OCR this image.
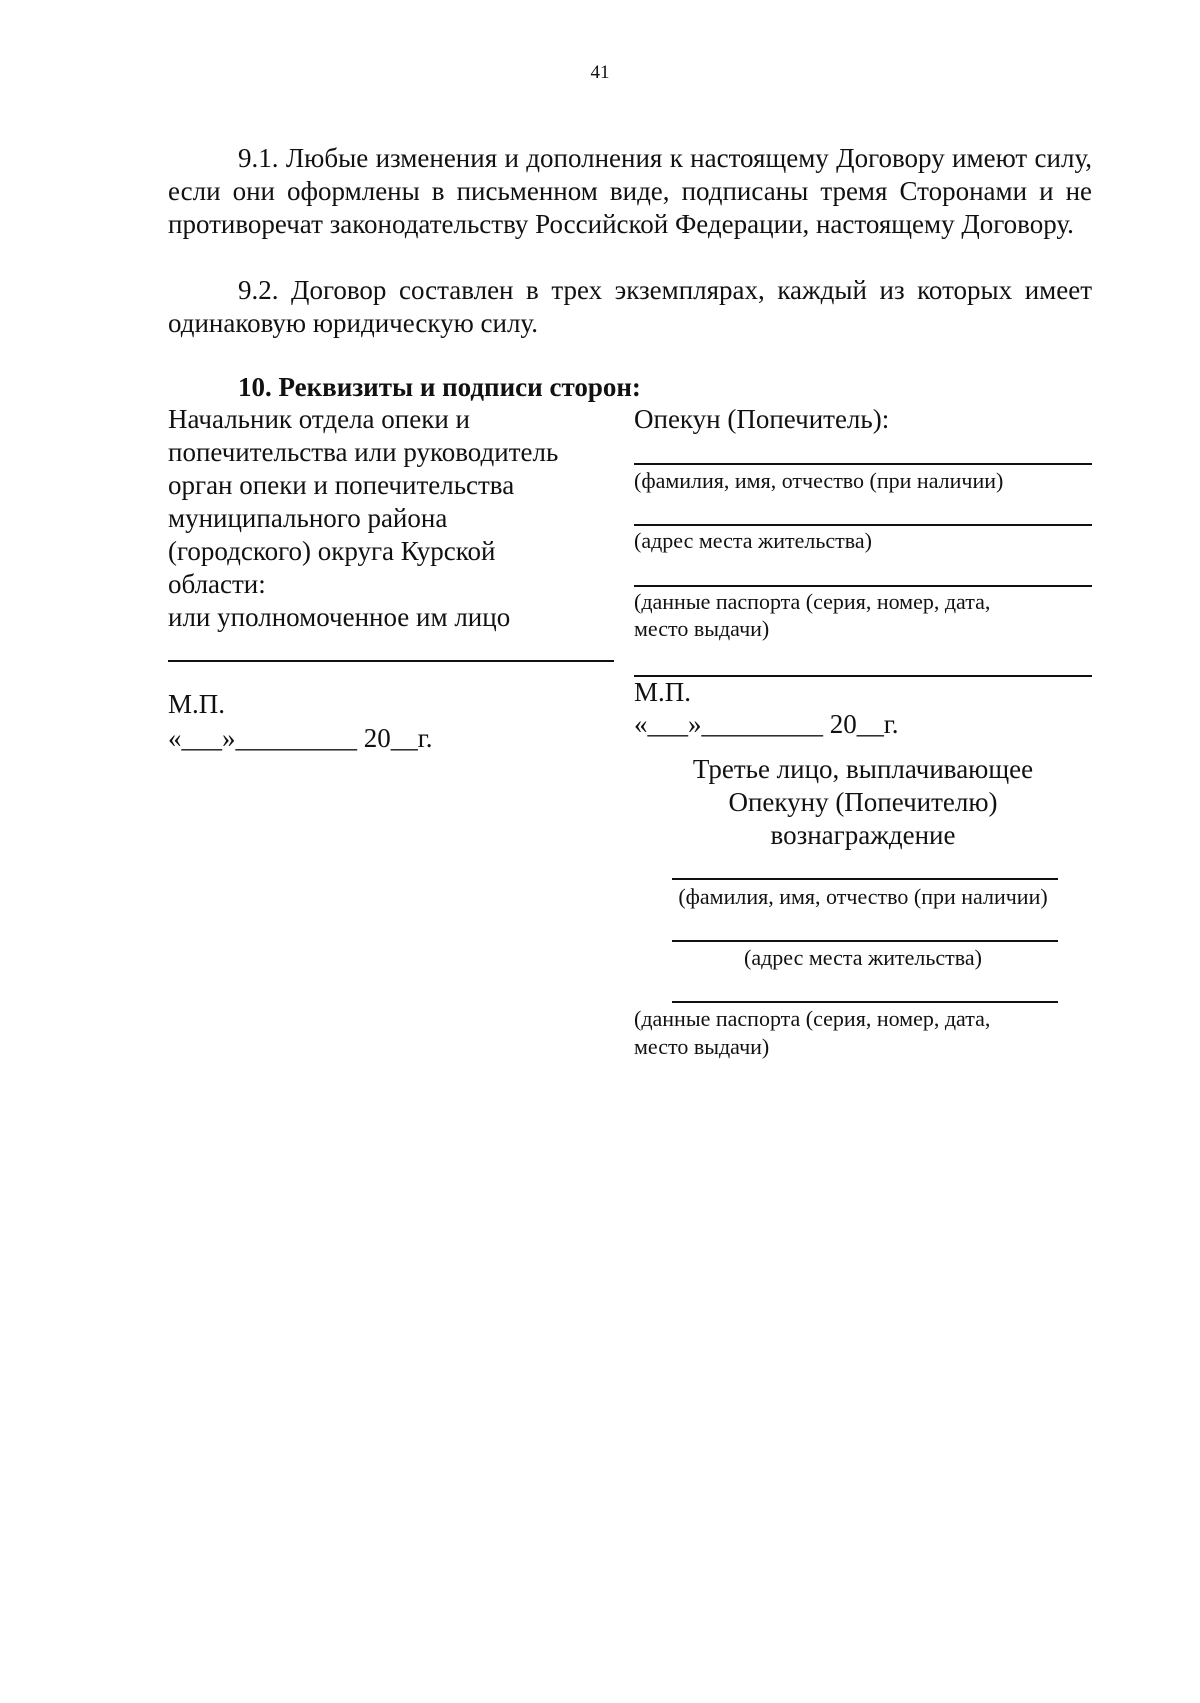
41
9.1. Любые изменения и дополнения к настоящему Договору имеют силу, если они оформлены в письменном виде, подписаны тремя Сторонами и не противоречат законодательству Российской Федерации, настоящему Договору.
9.2. Договор составлен в трех экземплярах, каждый из которых имеет одинаковую юридическую силу.
10. Реквизиты и подписи сторон:
Начальник отдела опеки и
попечительства или руководитель
орган опеки и попечительства
муниципального района
(городского) округа Курской
области:
или уполномоченное им лицо
М.П.
«___»_________ 20__г.
Опекун (Попечитель):
(фамилия, имя, отчество (при наличии)
(адрес места жительства)
(данные паспорта (серия, номер, дата,
место выдачи)
М.П.
«___»_________ 20__г.
Третье лицо, выплачивающее
Опекуну (Попечителю)
вознаграждение
(фамилия, имя, отчество (при наличии)
(адрес места жительства)
(данные паспорта (серия, номер, дата,
место выдачи)
